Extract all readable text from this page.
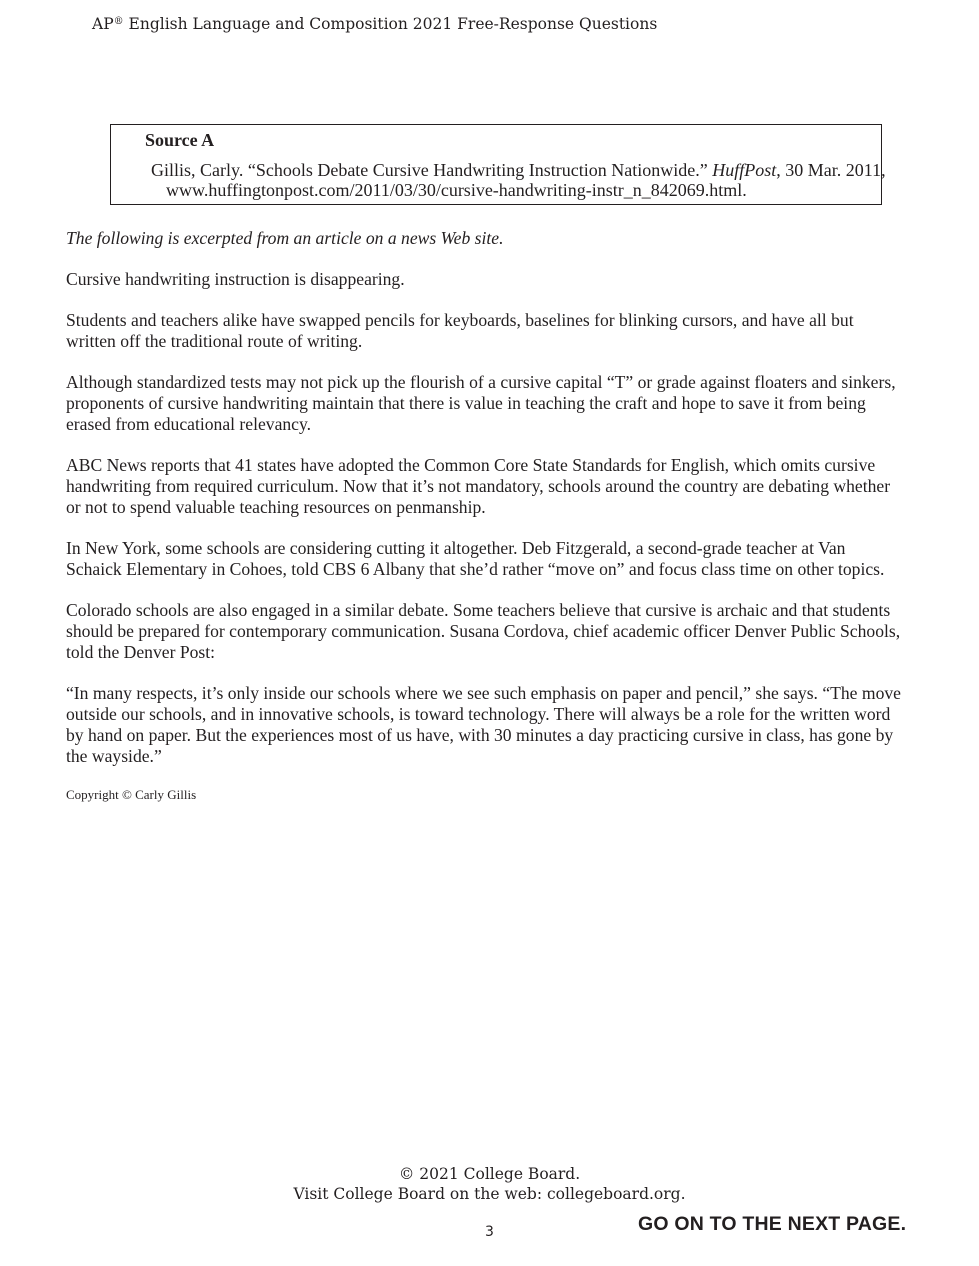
AP® English Language and Composition 2021 Free-Response Questions
Source A
Gillis, Carly. “Schools Debate Cursive Handwriting Instruction Nationwide.” HuffPost, 30 Mar. 2011, www.huffingtonpost.com/2011/03/30/cursive-handwriting-instr_n_842069.html.

The following is excerpted from an article on a news Web site.

Cursive handwriting instruction is disappearing.

Students and teachers alike have swapped pencils for keyboards, baselines for blinking cursors, and have all but written off the traditional route of writing.

Although standardized tests may not pick up the flourish of a cursive capital “T” or grade against floaters and sinkers, proponents of cursive handwriting maintain that there is value in teaching the craft and hope to save it from being erased from educational relevancy.

ABC News reports that 41 states have adopted the Common Core State Standards for English, which omits cursive handwriting from required curriculum. Now that it’s not mandatory, schools around the country are debating whether or not to spend valuable teaching resources on penmanship.

In New York, some schools are considering cutting it altogether. Deb Fitzgerald, a second-grade teacher at Van Schaick Elementary in Cohoes, told CBS 6 Albany that she’d rather “move on” and focus class time on other topics.

Colorado schools are also engaged in a similar debate. Some teachers believe that cursive is archaic and that students should be prepared for contemporary communication. Susana Cordova, chief academic officer Denver Public Schools, told the Denver Post:

“In many respects, it’s only inside our schools where we see such emphasis on paper and pencil,” she says. “The move outside our schools, and in innovative schools, is toward technology. There will always be a role for the written word by hand on paper. But the experiences most of us have, with 30 minutes a day practicing cursive in class, has gone by the wayside.”

Copyright © Carly Gillis
© 2021 College Board.
Visit College Board on the web: collegeboard.org.
3	GO ON TO THE NEXT PAGE.
